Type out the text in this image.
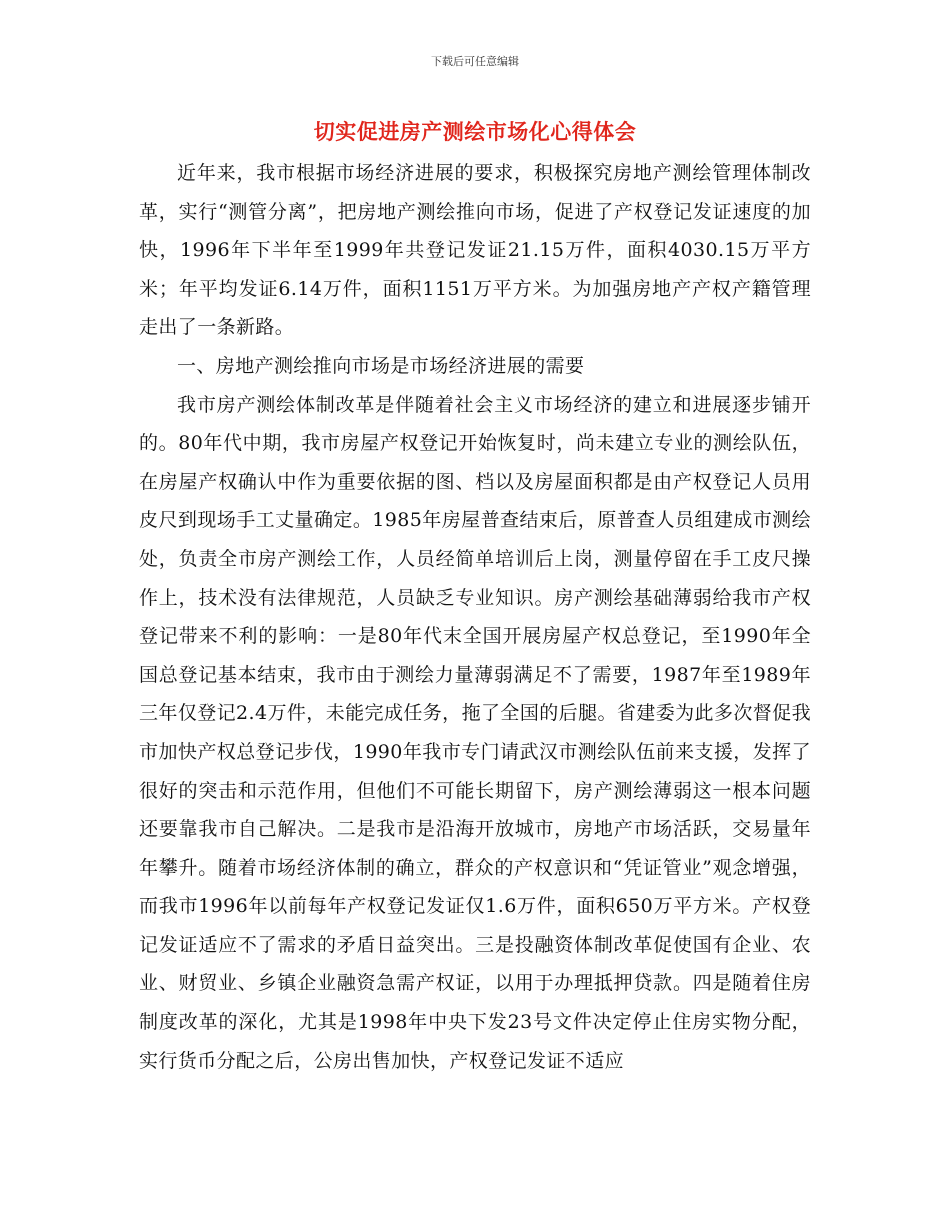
下载后可任意编辑
切实促进房产测绘市场化心得体会

近年来，我市根据市场经济进展的要求，积极探究房地产测绘管理体制改革，实行“测管分离”，把房地产测绘推向市场，促进了产权登记发证速度的加快，1996年下半年至1999年共登记发证21.15万件，面积4030.15万平方米；年平均发证6.14万件，面积1151万平方米。为加强房地产产权产籍管理走出了一条新路。

一、房地产测绘推向市场是市场经济进展的需要

我市房产测绘体制改革是伴随着社会主义市场经济的建立和进展逐步铺开的。80年代中期，我市房屋产权登记开始恢复时，尚未建立专业的测绘队伍，在房屋产权确认中作为重要依据的图、档以及房屋面积都是由产权登记人员用皮尺到现场手工丈量确定。1985年房屋普查结束后，原普查人员组建成市测绘处，负责全市房产测绘工作，人员经简单培训后上岗，测量停留在手工皮尺操作上，技术没有法律规范，人员缺乏专业知识。房产测绘基础薄弱给我市产权登记带来不利的影响：一是80年代末全国开展房屋产权总登记，至1990年全国总登记基本结束，我市由于测绘力量薄弱满足不了需要，1987年至1989年三年仅登记2.4万件，未能完成任务，拖了全国的后腿。省建委为此多次督促我市加快产权总登记步伐，1990年我市专门请武汉市测绘队伍前来支援，发挥了很好的突击和示范作用，但他们不可能长期留下，房产测绘薄弱这一根本问题还要靠我市自己解决。二是我市是沿海开放城市，房地产市场活跃，交易量年年攀升。随着市场经济体制的确立，群众的产权意识和“凭证管业”观念增强，而我市1996年以前每年产权登记发证仅1.6万件，面积650万平方米。产权登记发证适应不了需求的矛盾日益突出。三是投融资体制改革促使国有企业、农业、财贸业、乡镇企业融资急需产权证，以用于办理抵押贷款。四是随着住房制度改革的深化，尤其是1998年中央下发23号文件决定停止住房实物分配，实行货币分配之后，公房出售加快，产权登记发证不适应
